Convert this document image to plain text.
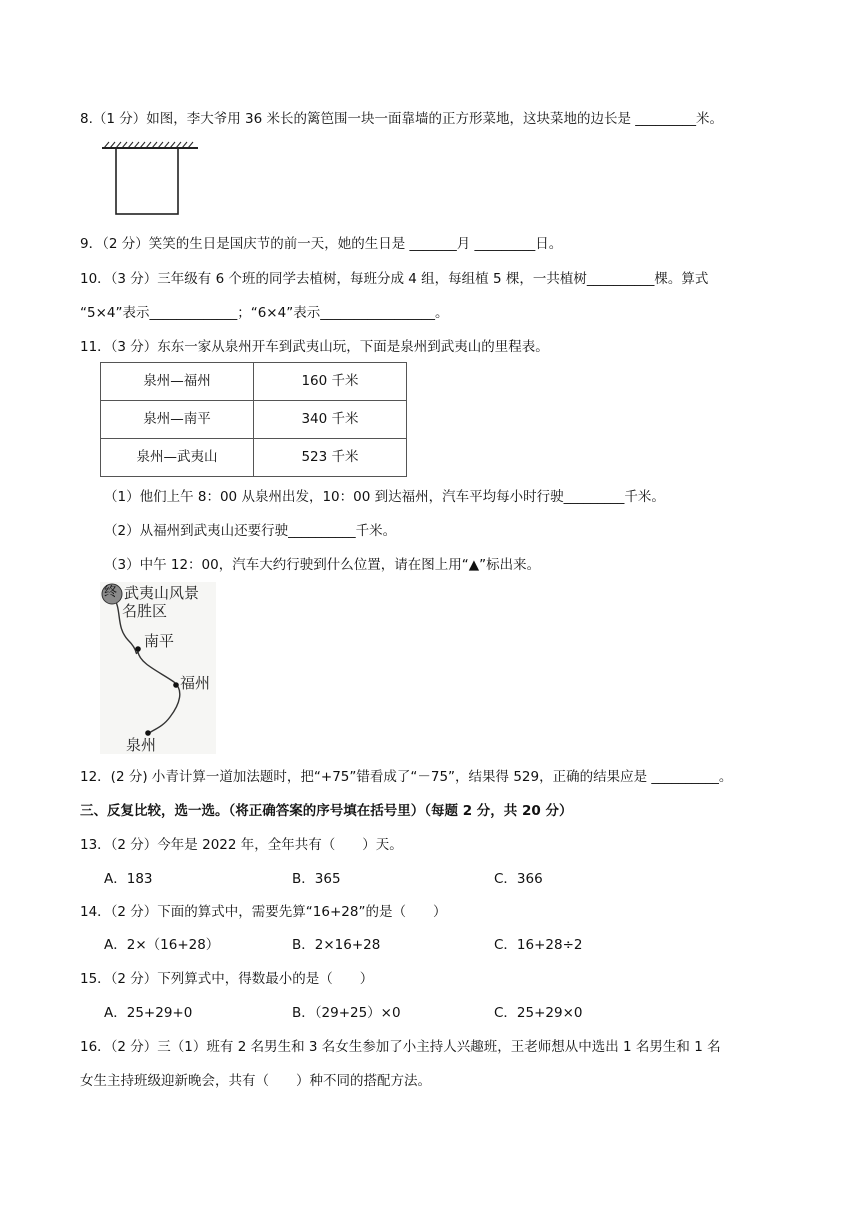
8.（1 分）如图，李大爷用 36 米长的篱笆围一块一面靠墙的正方形菜地，这块菜地的边长是 _________米。
9．（2 分）笑笑的生日是国庆节的前一天，她的生日是 _______月 _________日。
10．（3 分）三年级有 6 个班的同学去植树，每班分成 4 组，每组植 5 棵，一共植树__________棵。算式
“5×4”表示_____________；“6×4”表示_________________。
11．（3 分）东东一家从泉州开车到武夷山玩，下面是泉州到武夷山的里程表。
泉州—福州	160 千米
泉州—南平	340 千米
泉州—武夷山	523 千米
（1）他们上午 8：00 从泉州出发，10：00 到达福州，汽车平均每小时行驶_________千米。
（2）从福州到武夷山还要行驶__________千米。
（3）中午 12：00，汽车大约行驶到什么位置，请在图上用“▲”标出来。
终 武夷山风景
名胜区
南平
福州
泉州
12．(2 分) 小青计算一道加法题时，把“+75”错看成了“－75”，结果得 529，正确的结果应是 __________。
三、反复比较，选一选。（将正确答案的序号填在括号里）（每题 2 分，共 20 分）
13．（2 分）今年是 2022 年，全年共有（　　）天。
A．183	B．365	C．366
14．（2 分）下面的算式中，需要先算“16+28”的是（　　）
A．2×（16+28）	B．2×16+28	C．16+28÷2
15．（2 分）下列算式中，得数最小的是（　　）
A．25+29+0	B．（29+25）×0	C．25+29×0
16．（2 分）三（1）班有 2 名男生和 3 名女生参加了小主持人兴趣班，王老师想从中选出 1 名男生和 1 名
女生主持班级迎新晚会，共有（　　）种不同的搭配方法。
